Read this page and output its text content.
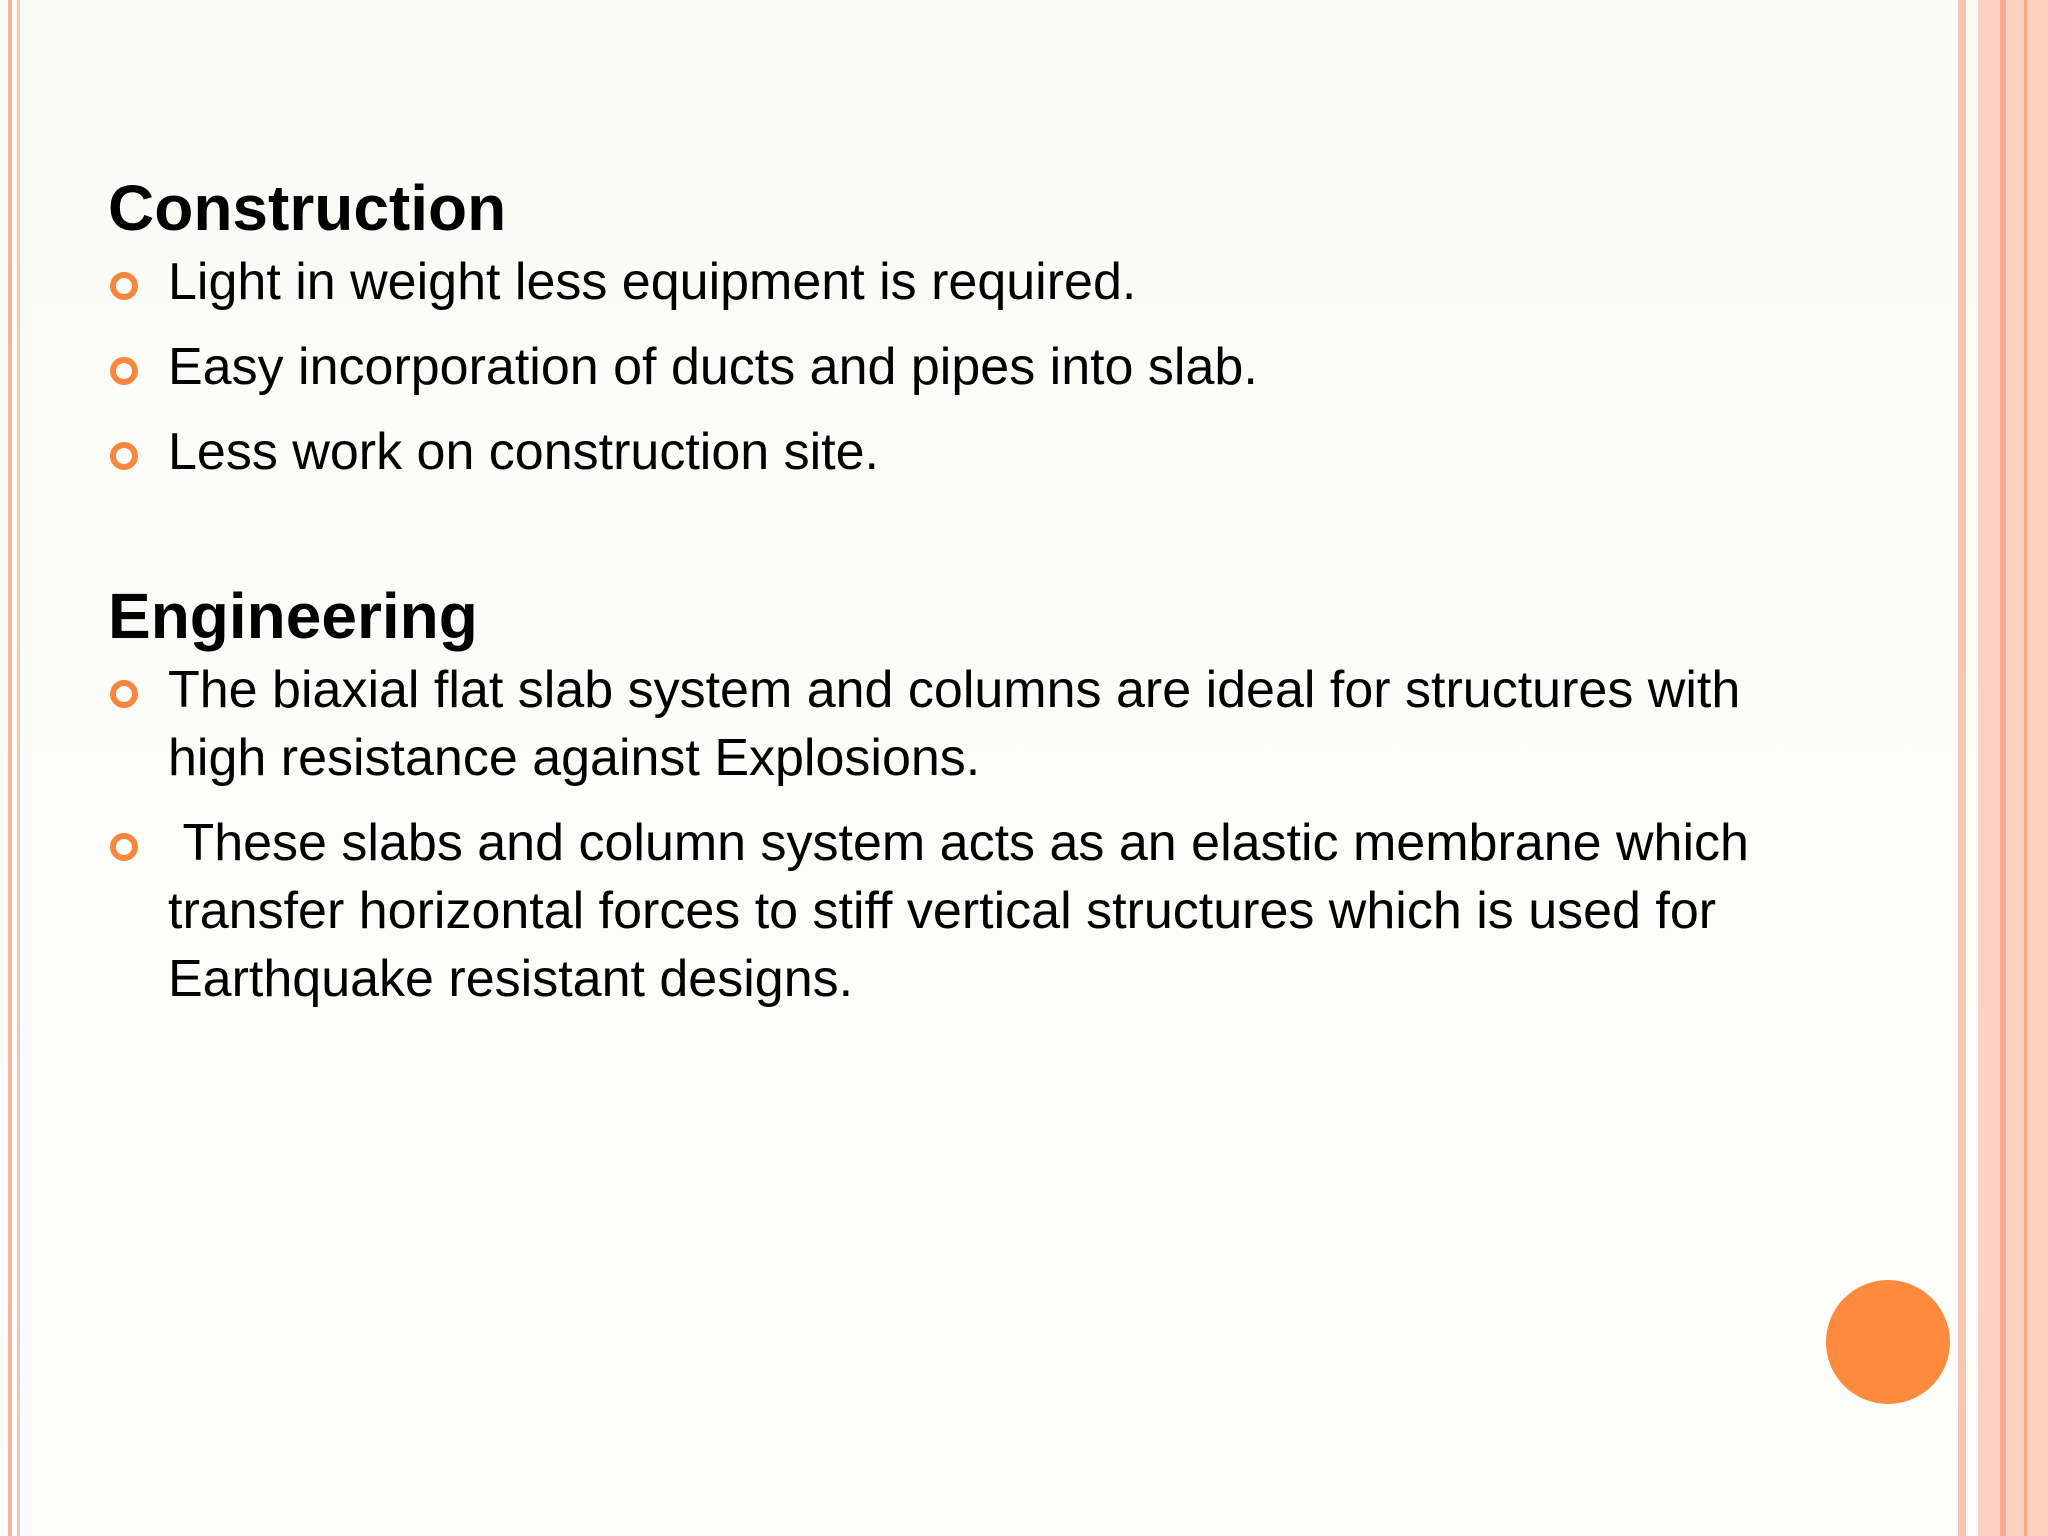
Construction
Light in weight less equipment is required.
Easy incorporation of ducts and pipes into slab.
Less work on construction site.
Engineering
The biaxial flat slab system and columns are ideal for structures with high resistance against Explosions.
These slabs and column system acts as an elastic membrane which transfer horizontal forces to stiff vertical structures which is used for Earthquake resistant designs.
